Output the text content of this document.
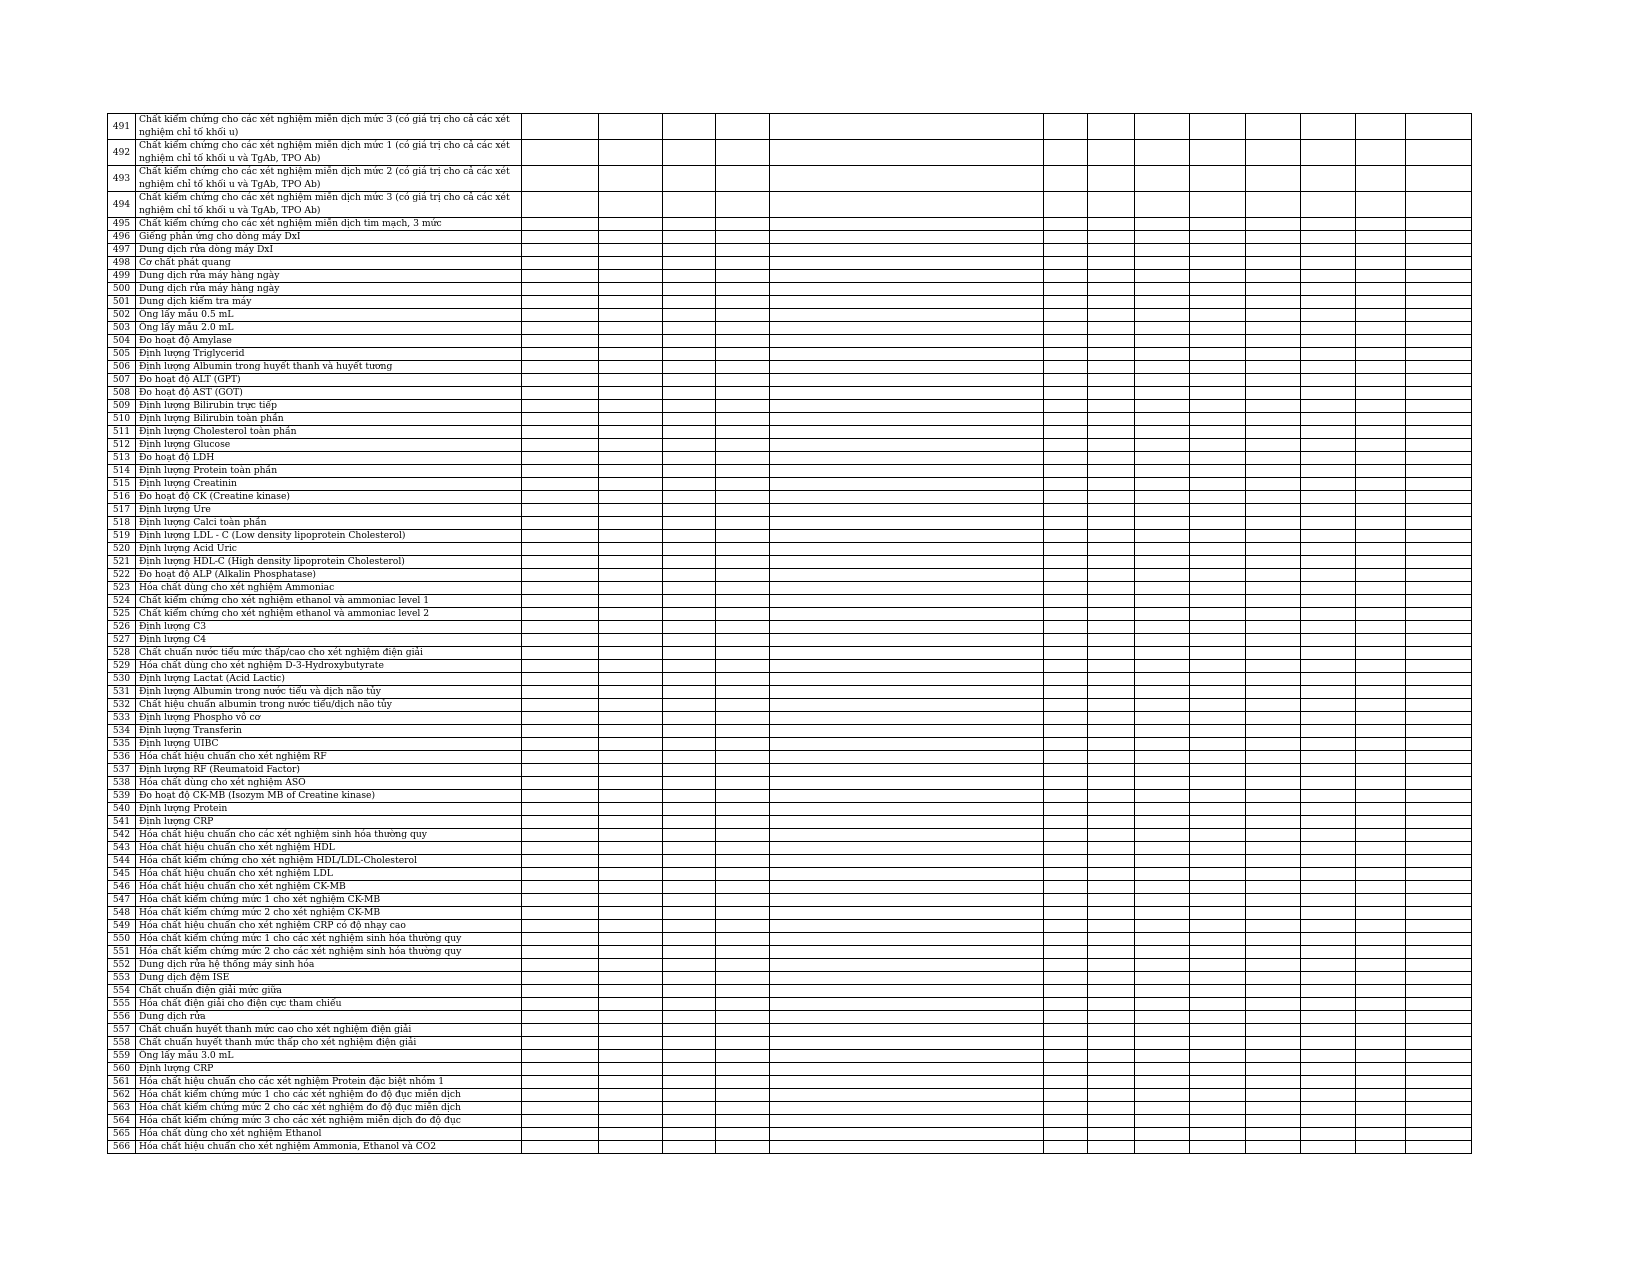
491	Chất kiểm chứng cho các xét nghiệm miễn dịch mức 3 (có giá trị cho cả các xét nghiệm chỉ tố khối u)													
492	Chất kiểm chứng cho các xét nghiệm miễn dịch mức 1 (có giá trị cho cả các xét nghiệm chỉ tố khối u và TgAb, TPO Ab)													
493	Chất kiểm chứng cho các xét nghiệm miễn dịch mức 2 (có giá trị cho cả các xét nghiệm chỉ tố khối u và TgAb, TPO Ab)													
494	Chất kiểm chứng cho các xét nghiệm miễn dịch mức 3 (có giá trị cho cả các xét nghiệm chỉ tố khối u và TgAb, TPO Ab)													
495	Chất kiểm chứng cho các xét nghiệm miễn dịch tim mạch, 3 mức													
496	Giếng phản ứng cho dòng máy DxI													
497	Dung dịch rửa dòng máy DxI													
498	Cơ chất phát quang													
499	Dung dịch rửa máy hàng ngày													
500	Dung dịch rửa máy hàng ngày													
501	Dung dịch kiểm tra máy													
502	Ống lấy mẫu 0.5 mL													
503	Ống lấy mẫu 2.0 mL													
504	Đo hoạt độ Amylase													
505	Định lượng Triglycerid													
506	Định lượng Albumin trong huyết thanh và huyết tương													
507	Đo hoạt độ ALT (GPT)													
508	Đo hoạt độ AST (GOT)													
509	Định lượng Bilirubin trực tiếp													
510	Định lượng Bilirubin toàn phần													
511	Định lượng Cholesterol toàn phần													
512	Định lượng Glucose													
513	Đo hoạt độ LDH													
514	Định lượng Protein toàn phần													
515	Định lượng Creatinin													
516	Đo hoạt độ CK (Creatine kinase)													
517	Định lượng Ure													
518	Định lượng Calci toàn phần													
519	Định lượng LDL - C (Low density lipoprotein Cholesterol)													
520	Định lượng Acid Uric													
521	Định lượng HDL-C (High density lipoprotein Cholesterol)													
522	Đo hoạt độ ALP (Alkalin Phosphatase)													
523	Hóa chất dùng cho xét nghiệm Ammoniac													
524	Chất kiểm chứng cho xét nghiệm ethanol và ammoniac level 1													
525	Chất kiểm chứng cho xét nghiệm ethanol và ammoniac level 2													
526	Định lượng C3													
527	Định lượng C4													
528	Chất chuẩn nước tiểu mức thấp/cao cho xét nghiệm điện giải													
529	Hóa chất dùng cho xét nghiệm D-3-Hydroxybutyrate													
530	Định lượng Lactat (Acid Lactic)													
531	Định lượng Albumin trong nước tiểu và dịch não tủy													
532	Chất hiệu chuẩn albumin trong nước tiểu/dịch não tủy													
533	Định lượng Phospho vô cơ													
534	Định lượng Transferin													
535	Định lượng UIBC													
536	Hóa chất hiệu chuẩn cho xét nghiệm RF													
537	Định lượng RF (Reumatoid Factor)													
538	Hóa chất dùng cho xét nghiệm ASO													
539	Đo hoạt độ CK-MB (Isozym MB of Creatine kinase)													
540	Định lượng Protein													
541	Định lượng CRP													
542	Hóa chất hiệu chuẩn cho các xét nghiệm sinh hóa thường quy													
543	Hóa chất hiệu chuẩn cho xét nghiệm HDL													
544	Hóa chất kiểm chứng cho xét nghiệm HDL/LDL-Cholesterol													
545	Hóa chất hiệu chuẩn cho xét nghiệm LDL													
546	Hóa chất hiệu chuẩn cho xét nghiệm CK-MB													
547	Hóa chất kiểm chứng mức 1 cho xét nghiệm CK-MB													
548	Hóa chất kiểm chứng mức 2 cho xét nghiệm CK-MB													
549	Hóa chất hiệu chuẩn cho xét nghiệm CRP có độ nhạy cao													
550	Hóa chất kiểm chứng mức 1 cho các xét nghiệm sinh hóa thường quy													
551	Hóa chất kiểm chứng mức 2 cho các xét nghiệm sinh hóa thường quy													
552	Dung dịch rửa hệ thống máy sinh hóa													
553	Dung dịch đệm ISE													
554	Chất chuẩn điện giải mức giữa													
555	Hóa chất điện giải cho điện cực tham chiếu													
556	Dung dịch rửa													
557	Chất chuẩn huyết thanh mức cao cho xét nghiệm điện giải													
558	Chất chuẩn huyết thanh mức thấp cho xét nghiệm điện giải													
559	Ống lấy mẫu 3.0 mL													
560	Định lượng CRP													
561	Hóa chất hiệu chuẩn cho các xét nghiệm Protein đặc biệt nhóm 1													
562	Hóa chất kiểm chứng mức 1 cho các xét nghiệm đo độ đục miễn dịch													
563	Hóa chất kiểm chứng mức 2 cho các xét nghiệm đo độ đục miễn dịch													
564	Hóa chất kiểm chứng mức 3 cho các xét nghiệm miễn dịch đo độ đục													
565	Hóa chất dùng cho xét nghiệm Ethanol													
566	Hóa chất hiệu chuẩn cho xét nghiệm Ammonia, Ethanol và CO2													
